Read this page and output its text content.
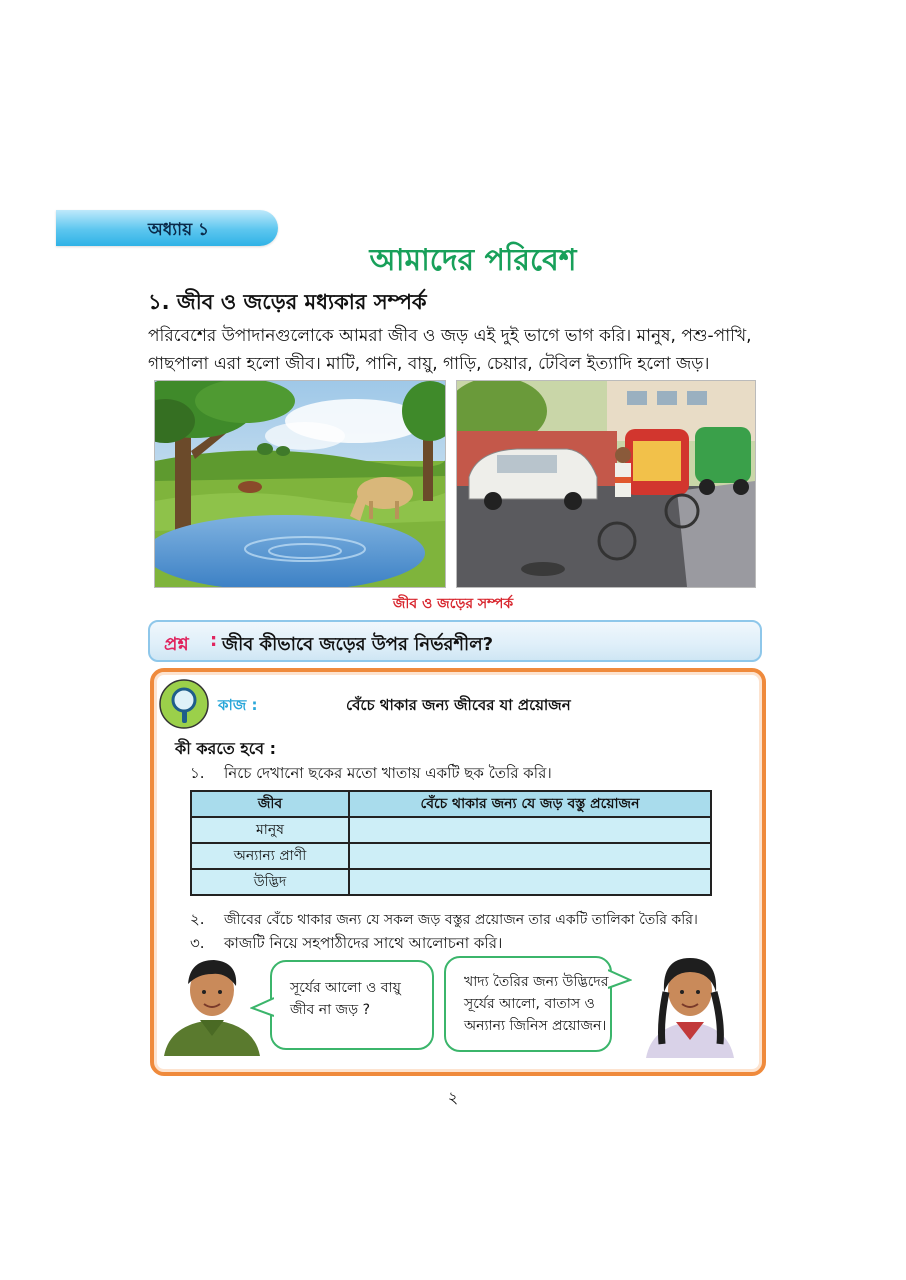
অধ্যায় ১
আমাদের পরিবেশ
১. জীব ও জড়ের মধ্যকার সম্পর্ক
পরিবেশের উপাদানগুলোকে আমরা জীব ও জড় এই দুই ভাগে ভাগ করি। মানুষ, পশু-পাখি,
গাছপালা এরা হলো জীব। মাটি, পানি, বায়ু, গাড়ি, চেয়ার, টেবিল ইত্যাদি হলো জড়।
জীব ও জড়ের সম্পর্ক
প্রশ্ন : জীব কীভাবে জড়ের উপর নির্ভরশীল?
কাজ :	বেঁচে থাকার জন্য জীবের যা প্রয়োজন
কী করতে হবে :
১. নিচে দেখানো ছকের মতো খাতায় একটি ছক তৈরি করি।
জীব	বেঁচে থাকার জন্য যে জড় বস্তু প্রয়োজন
মানুষ	
অন্যান্য প্রাণী	
উদ্ভিদ	
২. জীবের বেঁচে থাকার জন্য যে সকল জড় বস্তুর প্রয়োজন তার একটি তালিকা তৈরি করি।
৩. কাজটি নিয়ে সহপাঠীদের সাথে আলোচনা করি।
সূর্যের আলো ও বায়ু
জীব না জড় ?
খাদ্য তৈরির জন্য উদ্ভিদের
সূর্যের আলো, বাতাস ও
অন্যান্য জিনিস প্রয়োজন।
২
